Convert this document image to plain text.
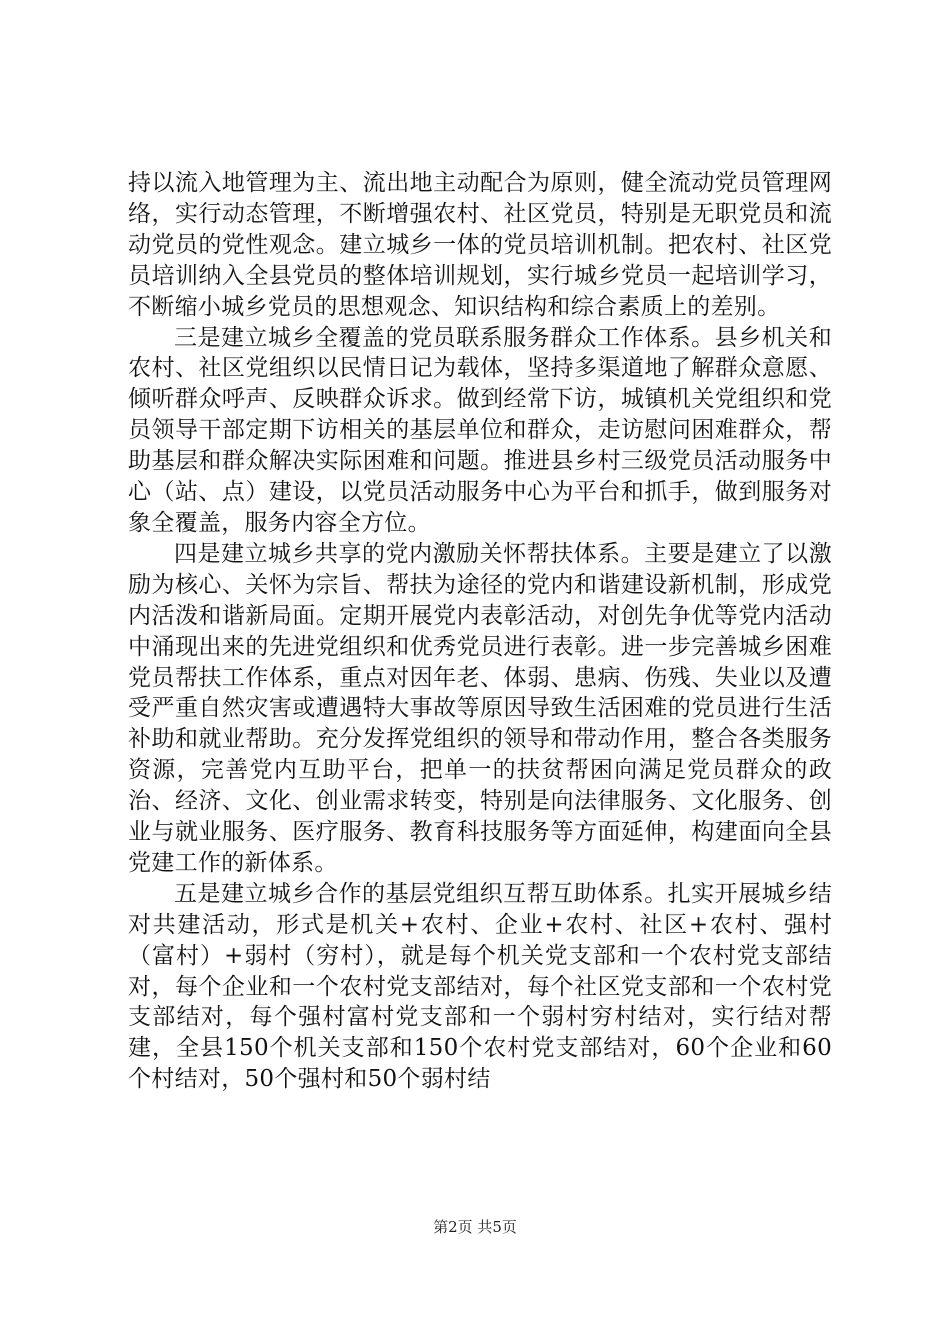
持以流入地管理为主、流出地主动配合为原则，健全流动党员管理网络，实行动态管理，不断增强农村、社区党员，特别是无职党员和流动党员的党性观念。建立城乡一体的党员培训机制。把农村、社区党员培训纳入全县党员的整体培训规划，实行城乡党员一起培训学习，不断缩小城乡党员的思想观念、知识结构和综合素质上的差别。

三是建立城乡全覆盖的党员联系服务群众工作体系。县乡机关和农村、社区党组织以民情日记为载体，坚持多渠道地了解群众意愿、倾听群众呼声、反映群众诉求。做到经常下访，城镇机关党组织和党员领导干部定期下访相关的基层单位和群众，走访慰问困难群众，帮助基层和群众解决实际困难和问题。推进县乡村三级党员活动服务中心（站、点）建设，以党员活动服务中心为平台和抓手，做到服务对象全覆盖，服务内容全方位。

四是建立城乡共享的党内激励关怀帮扶体系。主要是建立了以激励为核心、关怀为宗旨、帮扶为途径的党内和谐建设新机制，形成党内活泼和谐新局面。定期开展党内表彰活动，对创先争优等党内活动中涌现出来的先进党组织和优秀党员进行表彰。进一步完善城乡困难党员帮扶工作体系，重点对因年老、体弱、患病、伤残、失业以及遭受严重自然灾害或遭遇特大事故等原因导致生活困难的党员进行生活补助和就业帮助。充分发挥党组织的领导和带动作用，整合各类服务资源，完善党内互助平台，把单一的扶贫帮困向满足党员群众的政治、经济、文化、创业需求转变，特别是向法律服务、文化服务、创业与就业服务、医疗服务、教育科技服务等方面延伸，构建面向全县党建工作的新体系。

五是建立城乡合作的基层党组织互帮互助体系。扎实开展城乡结对共建活动，形式是机关+农村、企业+农村、社区+农村、强村（富村）+弱村（穷村），就是每个机关党支部和一个农村党支部结对，每个企业和一个农村党支部结对，每个社区党支部和一个农村党支部结对，每个强村富村党支部和一个弱村穷村结对，实行结对帮建，全县150个机关支部和150个农村党支部结对，60个企业和60个村结对，50个强村和50个弱村结

第2页 共5页
